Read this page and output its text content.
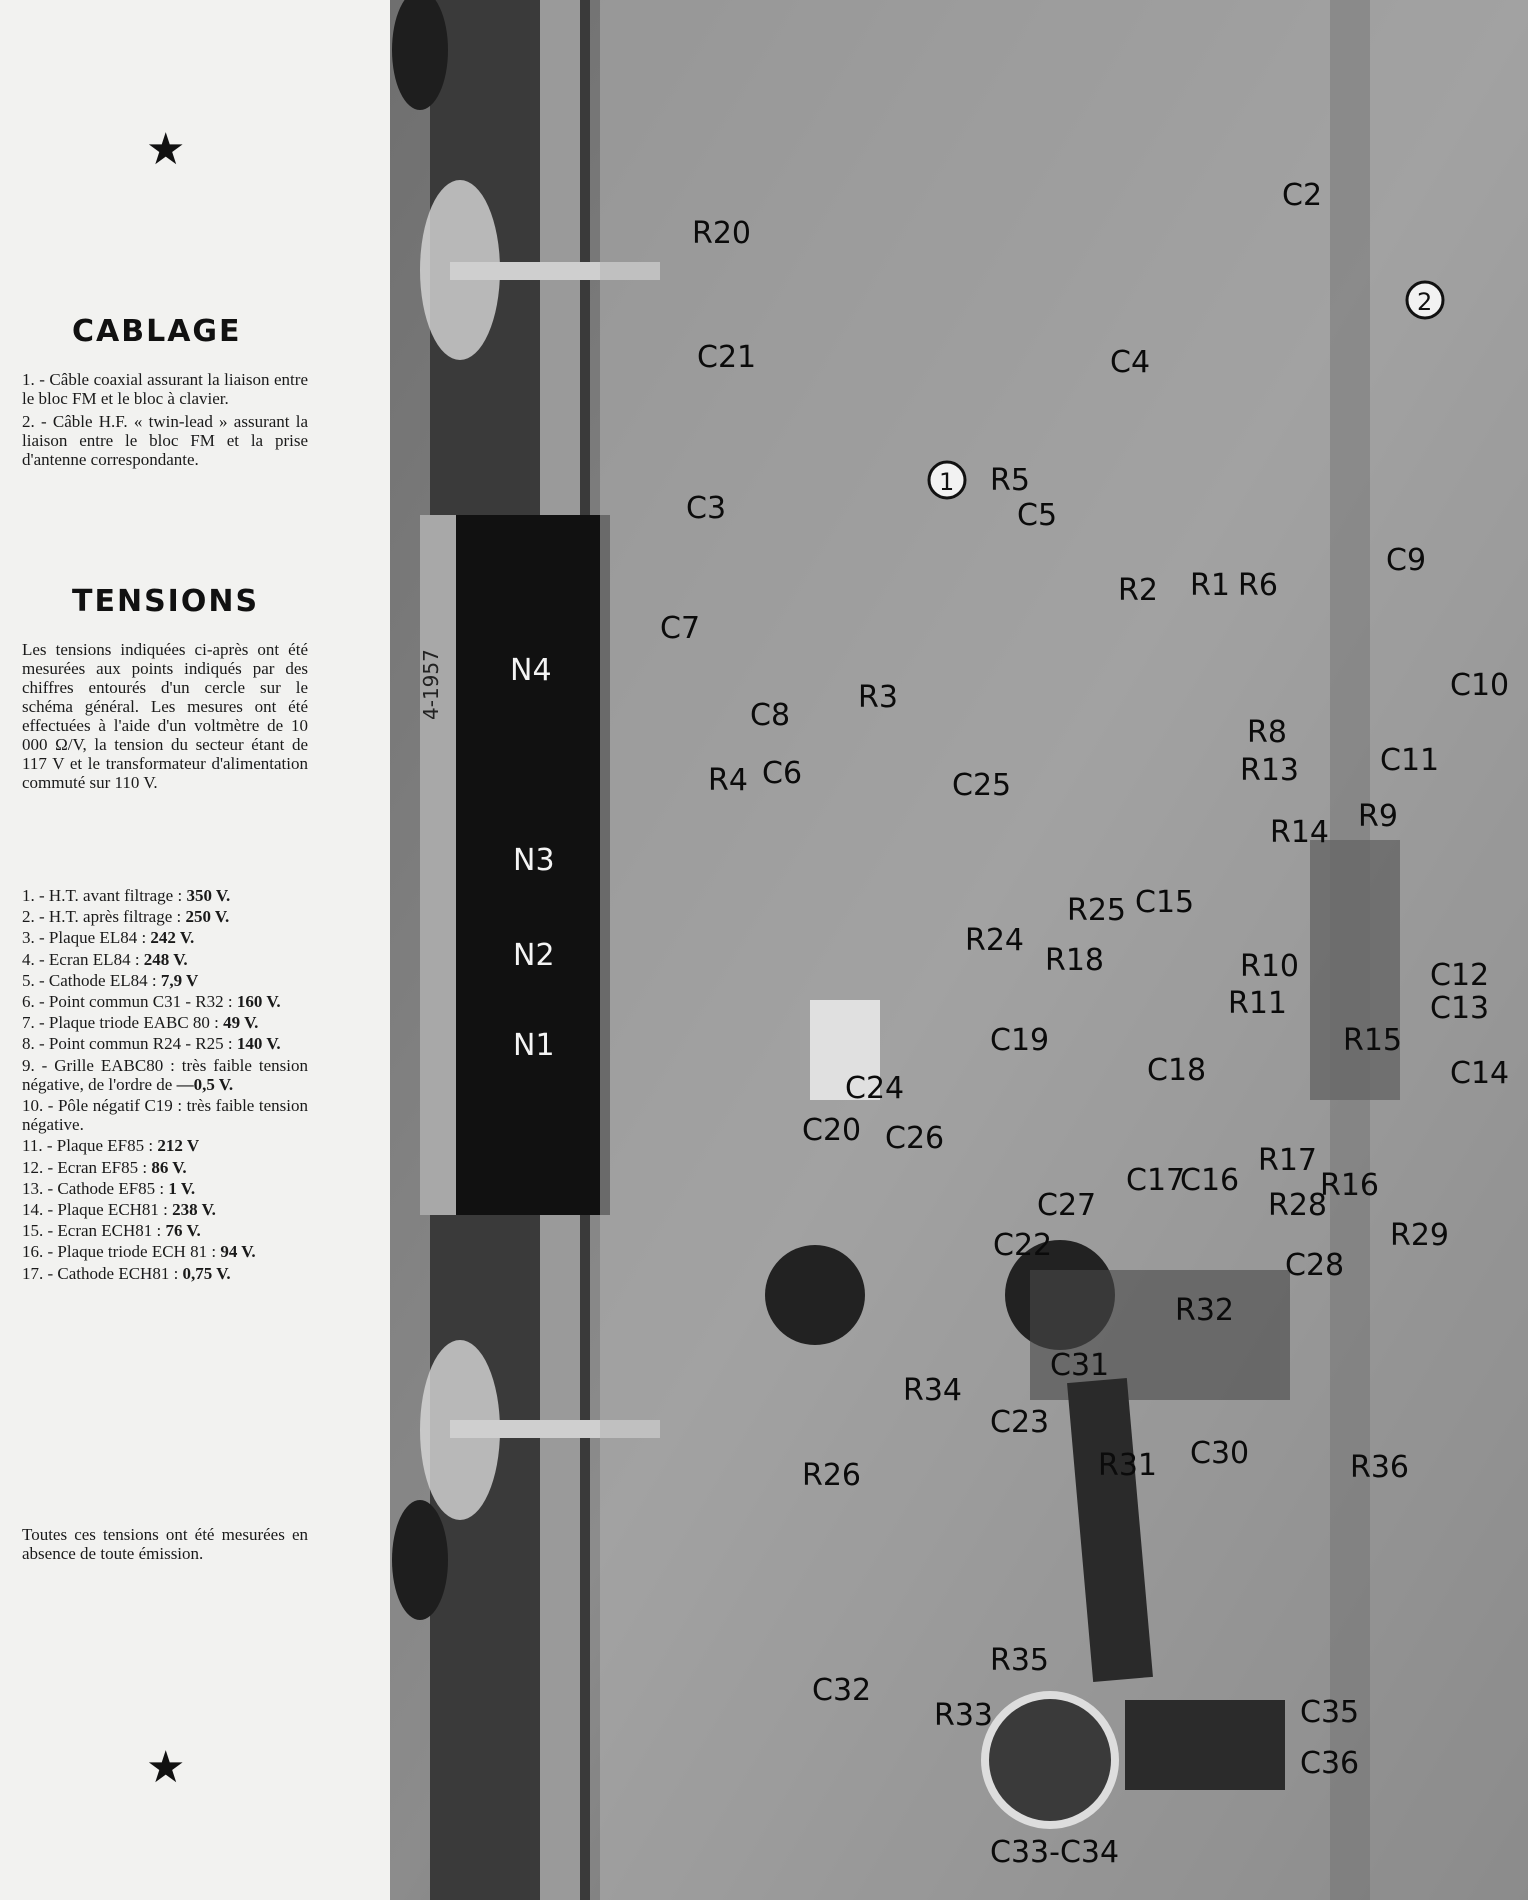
★
CABLAGE

1. - Câble coaxial assurant la liaison entre le bloc FM et le bloc à clavier.

2. - Câble H.F. « twin-lead » assurant la liaison entre le bloc FM et la prise d'antenne correspondante.

TENSIONS

Les tensions indiquées ci-après ont été mesurées aux points indiqués par des chiffres entourés d'un cercle sur le schéma général. Les mesures ont été effectuées à l'aide d'un voltmètre de 10 000 Ω/V, la tension du secteur étant de 117 V et le transformateur d'alimentation commuté sur 110 V.

1. - H.T. avant filtrage : 350 V.
2. - H.T. après filtrage : 250 V.
3. - Plaque EL84 : 242 V.
4. - Ecran EL84 : 248 V.
5. - Cathode EL84 : 7,9 V
6. - Point commun C31 - R32 : 160 V.
7. - Plaque triode EABC 80 : 49 V.
8. - Point commun R24 - R25 : 140 V.
9. - Grille EABC80 : très faible tension négative, de l'ordre de —0,5 V.
10. - Pôle négatif C19 : très faible tension négative.
11. - Plaque EF85 : 212 V
12. - Ecran EF85 : 86 V.
13. - Cathode EF85 : 1 V.
14. - Plaque ECH81 : 238 V.
15. - Ecran ECH81 : 76 V.
16. - Plaque triode ECH 81 : 94 V.
17. - Cathode ECH81 : 0,75 V.

Toutes ces tensions ont été mesurées en absence de toute émission.

★
4-1957 N4
N3
N2
N1
1
2
R20
C2
C21	C4
R5
C3	C5
R2 R1 R6
C9
C7
C8
R3	C10
R8
R13	C11
R4 C6	C25
R14 R9
C15
R25
R24
R18	R10	C12
R11	C13
R15
C19
C18	C14
C24
C20 C26
R17
R16
C17
C16
C27	R28
R29
C22
C28
R32
C31
R34
C23
R31 C30	R36
R26
C32
R35
R33	C35
C36
C33-C34
